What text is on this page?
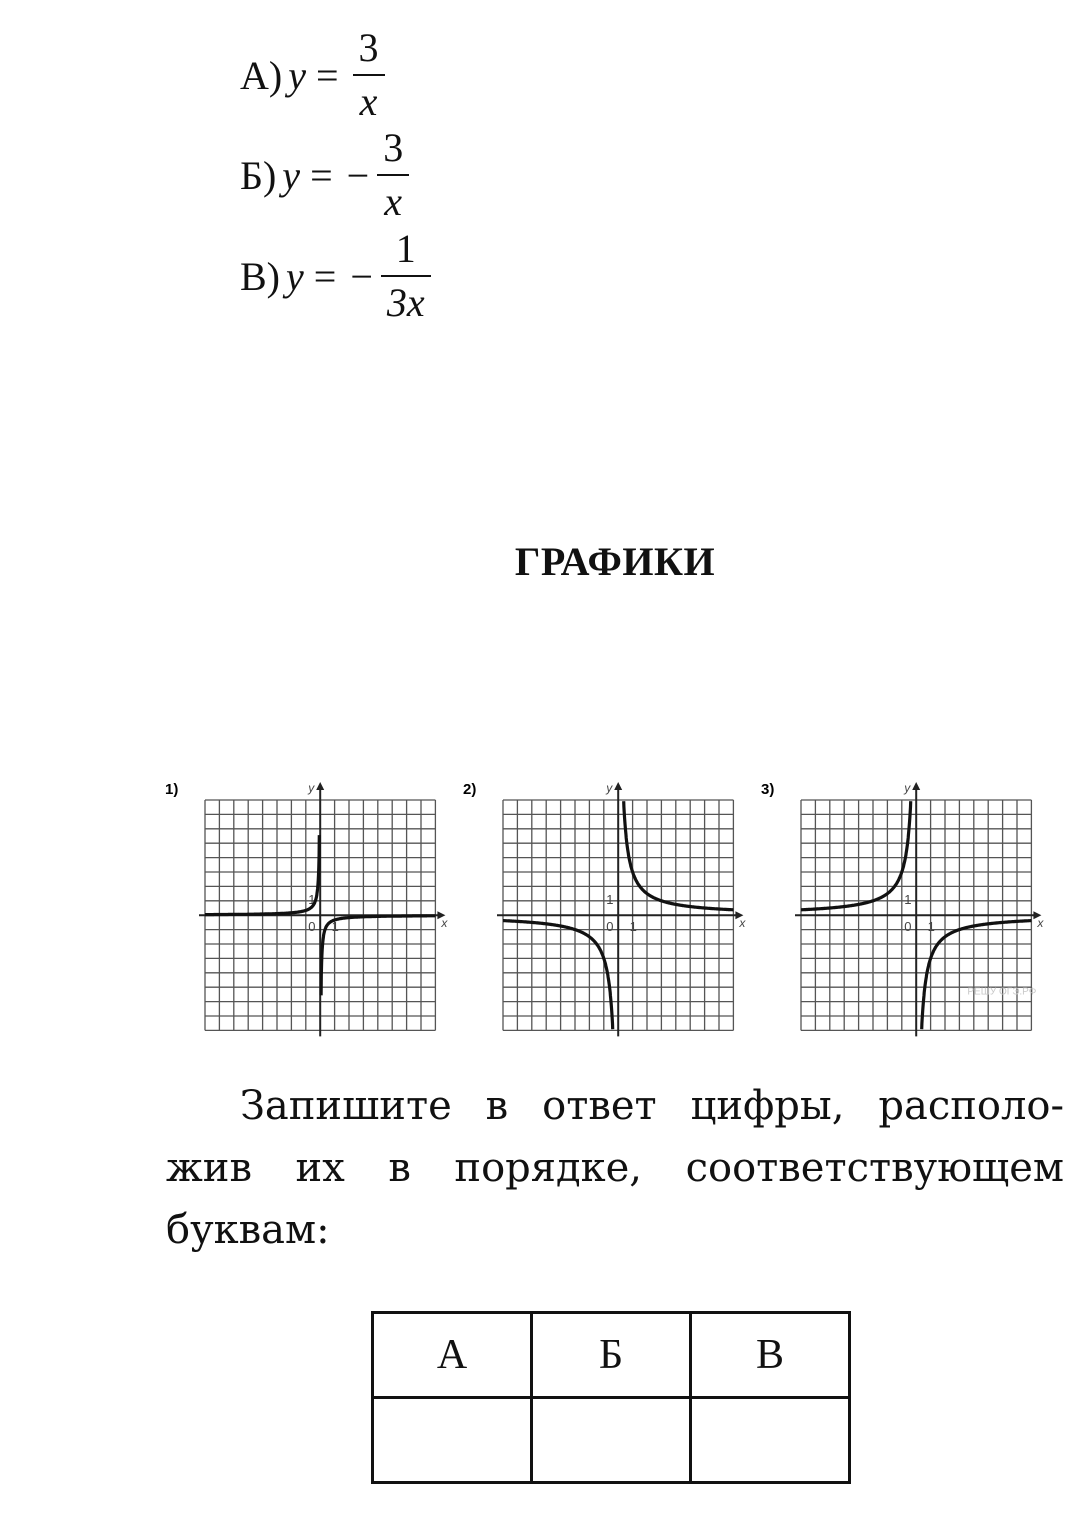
А) $y = \frac{3}{x}$
Б) y = − $\frac{3}{x}$
В) y = − $\frac{1}{3x}$
ГРАФИКИ
1)	y
x
0 1
1
2)	y
x
0 1
1
3)	y
x
0 1
1
РЕШУ ОГЭ.РФ
Запишите в ответ цифры, располо-жив их в порядке, соответствующем буквам:
А	Б	В
